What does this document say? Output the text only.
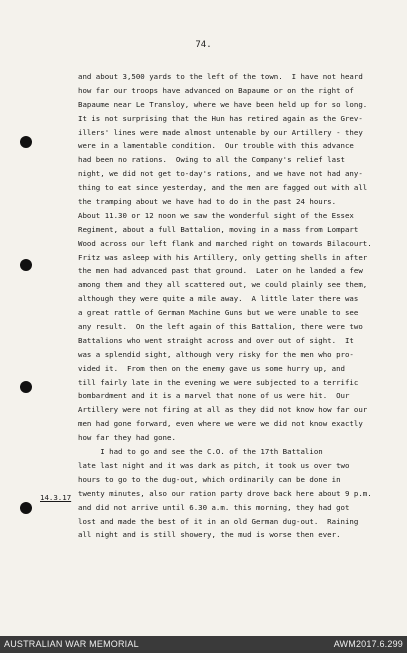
74.
14.3.17
and about 3,500 yards to the left of the town.  I have not heard
how far our troops have advanced on Bapaume or on the right of
Bapaume near Le Transloy, where we have been held up for so long.
It is not surprising that the Hun has retired again as the Grev-
illers' lines were made almost untenable by our Artillery - they
were in a lamentable condition.  Our trouble with this advance
had been no rations.  Owing to all the Company's relief last
night, we did not get to-day's rations, and we have not had any-
thing to eat since yesterday, and the men are fagged out with all
the tramping about we have had to do in the past 24 hours.
About 11.30 or 12 noon we saw the wonderful sight of the Essex
Regiment, about a full Battalion, moving in a mass from Lompart
Wood across our left flank and marched right on towards Bilacourt.
Fritz was asleep with his Artillery, only getting shells in after
the men had advanced past that ground.  Later on he landed a few
among them and they all scattered out, we could plainly see them,
although they were quite a mile away.  A little later there was
a great rattle of German Machine Guns but we were unable to see
any result.  On the left again of this Battalion, there were two
Battalions who went straight across and over out of sight.  It
was a splendid sight, although very risky for the men who pro-
vided it.  From then on the enemy gave us some hurry up, and
till fairly late in the evening we were subjected to a terrific
bombardment and it is a marvel that none of us were hit.  Our
Artillery were not firing at all as they did not know how far our
men had gone forward, even where we were we did not know exactly
how far they had gone.
I had to go and see the C.O. of the 17th Battalion
late last night and it was dark as pitch, it took us over two
hours to go to the dug-out, which ordinarily can be done in
twenty minutes, also our ration party drove back here about 9 p.m.
and did not arrive until 6.30 a.m. this morning, they had got
lost and made the best of it in an old German dug-out.  Raining
all night and is still showery, the mud is worse then ever.
AUSTRALIAN WAR MEMORIAL	AWM2017.6.299
